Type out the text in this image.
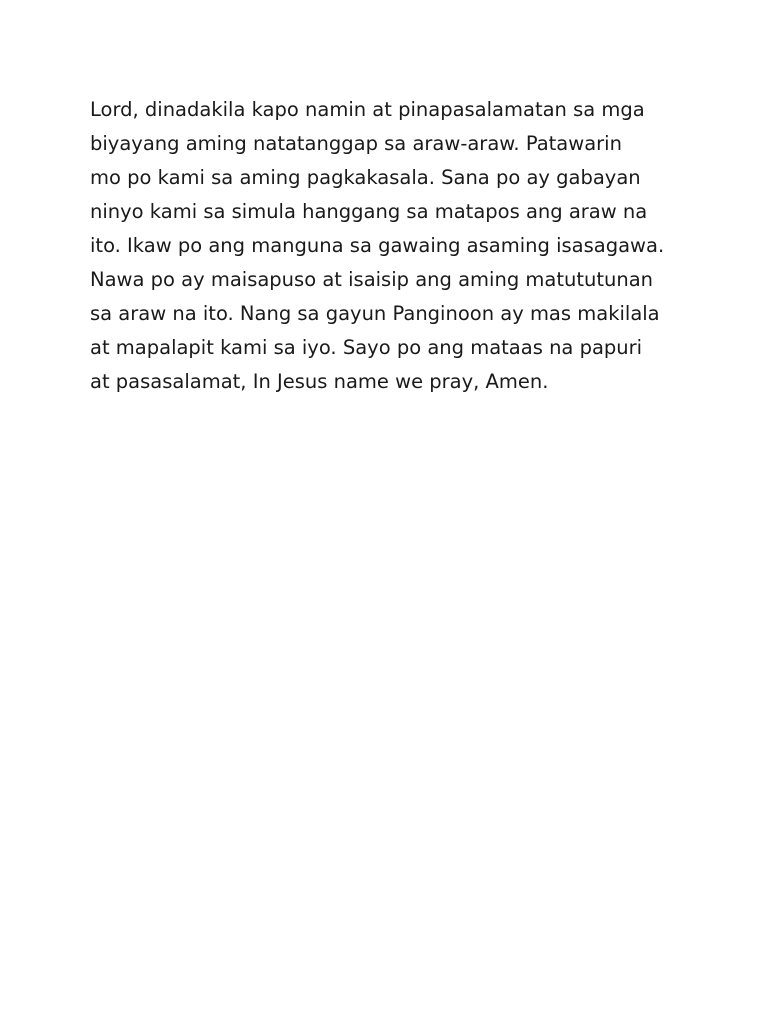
Lord, dinadakila kapo namin at pinapasalamatan sa mga
biyayang aming natatanggap sa araw-araw. Patawarin
mo po kami sa aming pagkakasala. Sana po ay gabayan
ninyo kami sa simula hanggang sa matapos ang araw na
ito. Ikaw po ang manguna sa gawaing asaming isasagawa.
Nawa po ay maisapuso at isaisip ang aming matututunan
sa araw na ito. Nang sa gayun Panginoon ay mas makilala
at mapalapit kami sa iyo. Sayo po ang mataas na papuri
at pasasalamat, In Jesus name we pray, Amen.
